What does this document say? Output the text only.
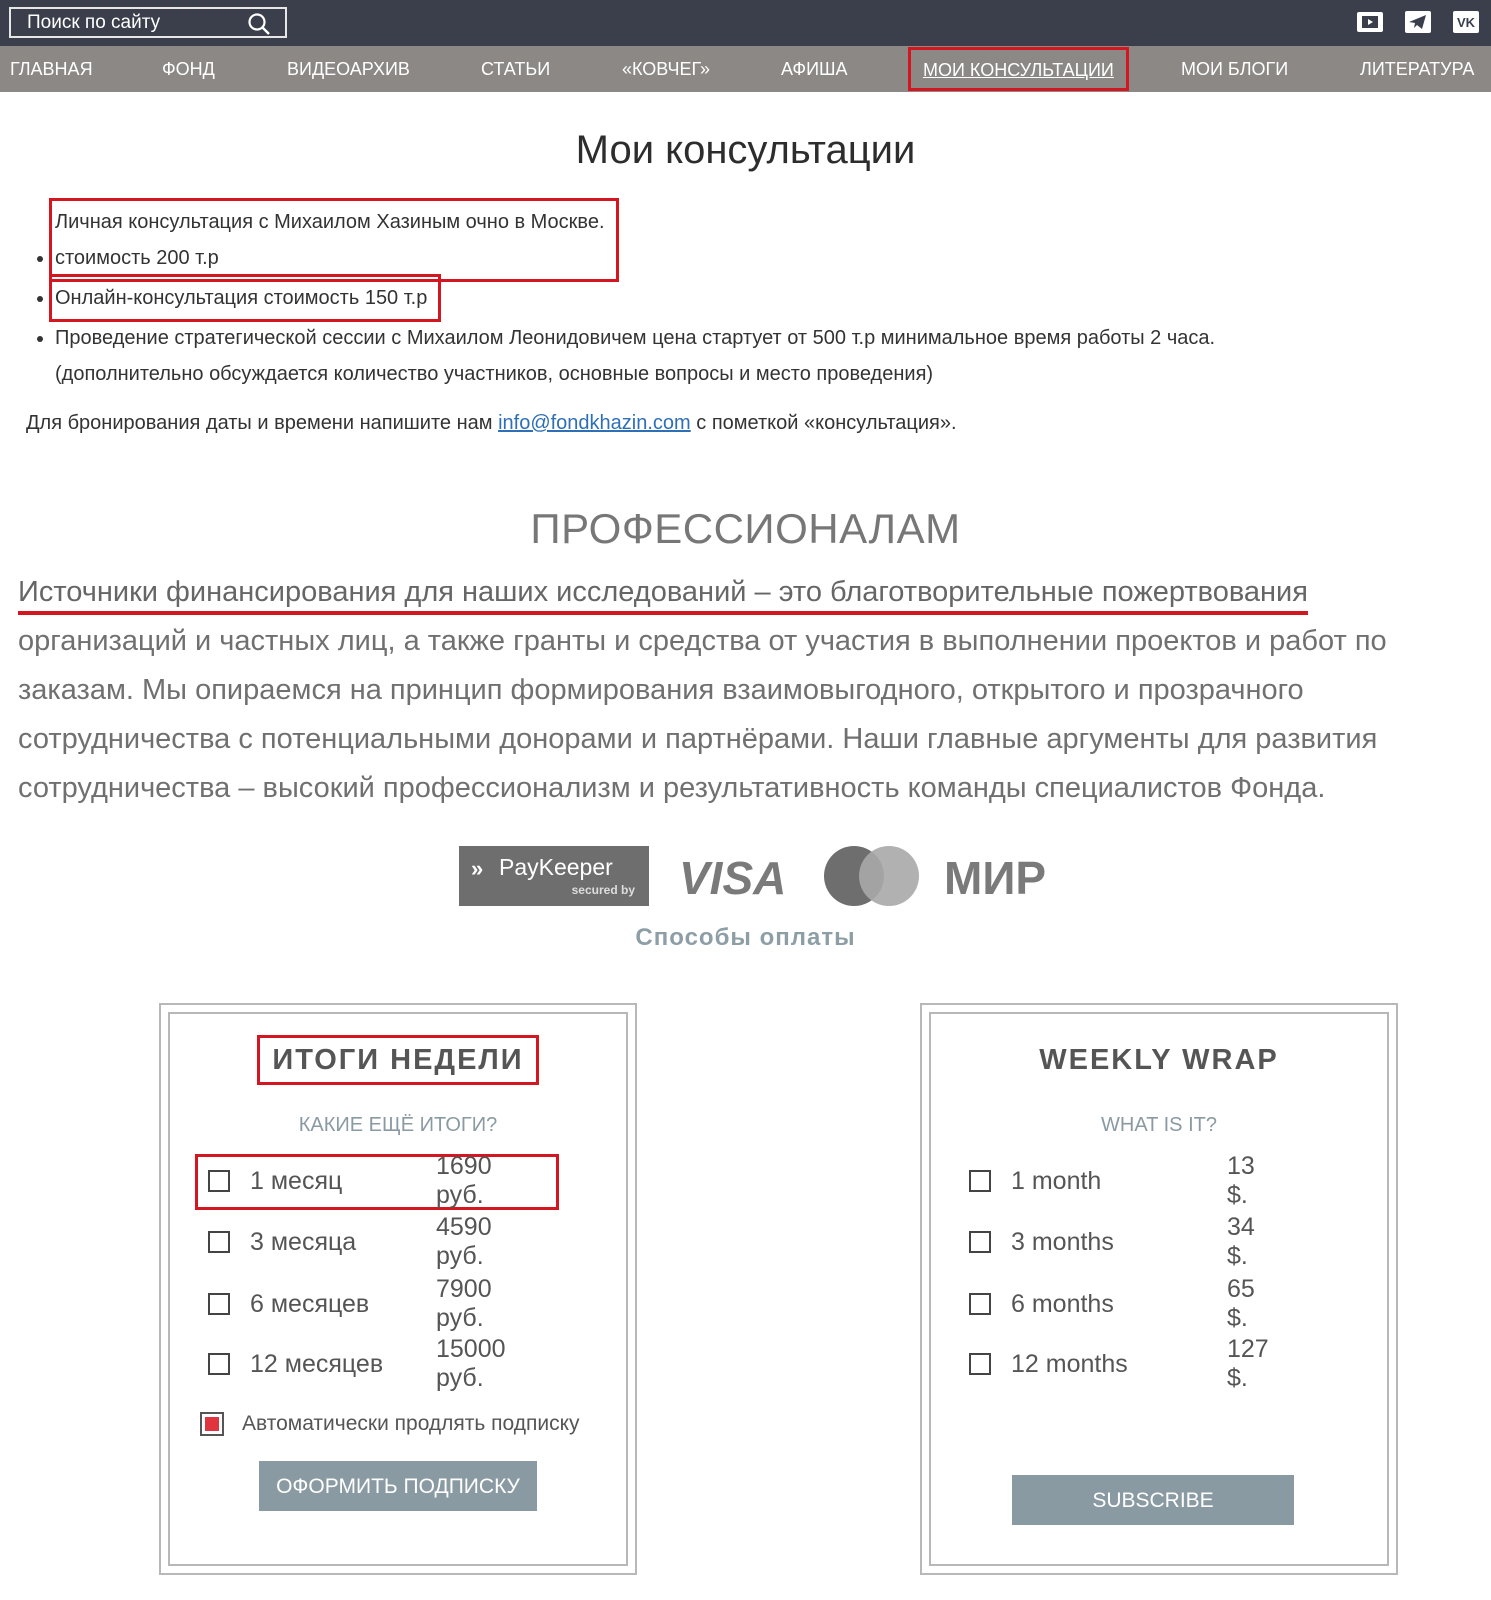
Поиск по сайту
VK
ГЛАВНАЯ	ФОНД	ВИДЕОАРХИВ	СТАТЬИ	«КОВЧЕГ»	АФИША	МОИ КОНСУЛЬТАЦИИ	МОИ БЛОГИ	ЛИТЕРАТУРА
Мои консультации
• Личная консультация с Михаилом Хазиным очно в Москве.
стоимость 200 т.р
• Онлайн-консультация стоимость 150 т.р
• Проведение стратегической сессии с Михаилом Леонидовичем цена стартует от 500 т.р минимальное время работы 2 часа.
(дополнительно обсуждается количество участников, основные вопросы и место проведения)
Для бронирования даты и времени напишите нам info@fondkhazin.com с пометкой «консультация».
ПРОФЕССИОНАЛАМ
Источники финансирования для наших исследований – это благотворительные пожертвования организаций и частных лиц, а также гранты и средства от участия в выполнении проектов и работ по заказам. Мы опираемся на принцип формирования взаимовыгодного, открытого и прозрачного сотрудничества с потенциальными донорами и партнёрами. Наши главные аргументы для развития сотрудничества – высокий профессионализм и результативность команды специалистов Фонда.
» PayKeeper
secured by VISA	МИР
Способы оплаты
ИТОГИ НЕДЕЛИ
КАКИЕ ЕЩЁ ИТОГИ?
1 месяц
1690 руб.
3 месяца
4590 руб.
6 месяцев
7900 руб.
12 месяцев
15000 руб.
Автоматически продлять подписку
ОФОРМИТЬ ПОДПИСКУ
WEEKLY WRAP
WHAT IS IT?
1 month
13 $.
3 months
34 $.
6 months
65 $.
12 months
127 $.
SUBSCRIBE
